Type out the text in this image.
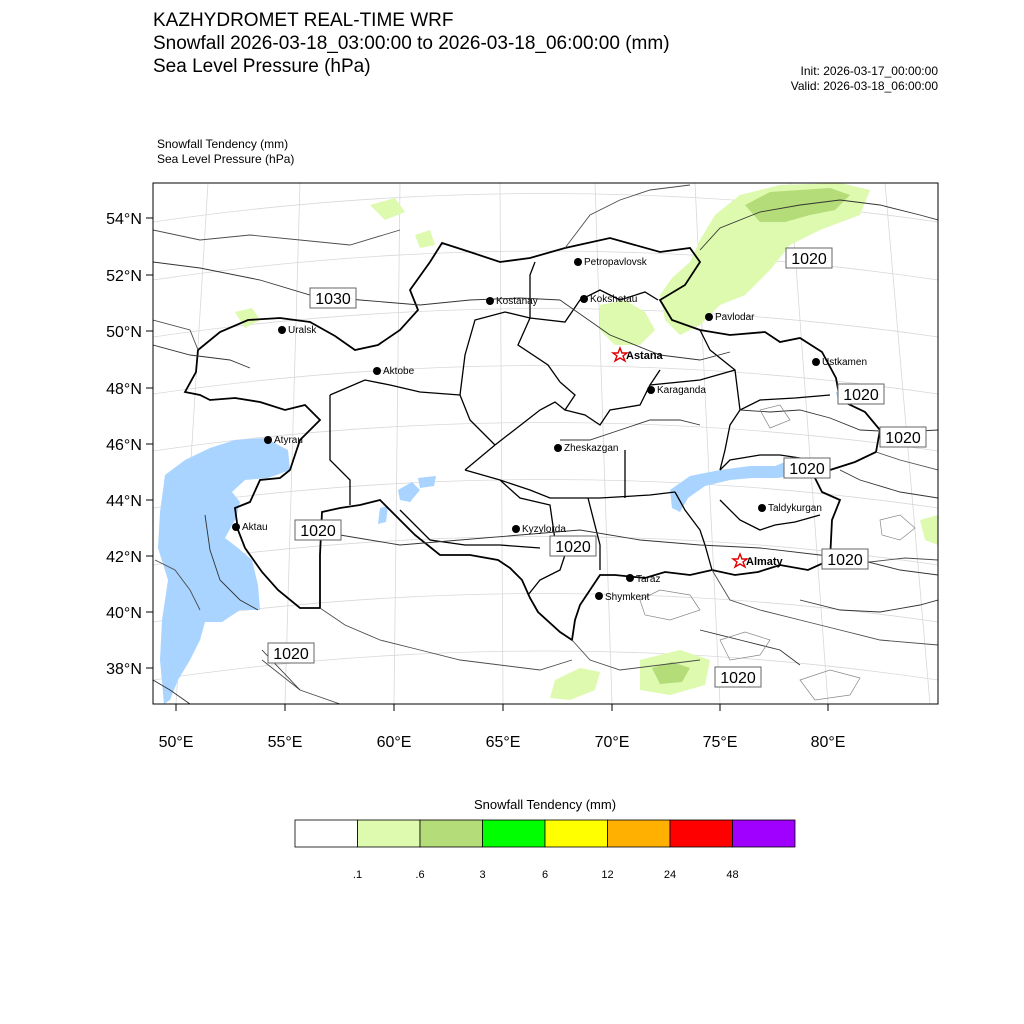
KAZHYDROMET REAL-TIME WRF
Snowfall 2026-03-18_03:00:00 to 2026-03-18_06:00:00 (mm)
Sea Level Pressure (hPa)	Init: 2026-03-17_00:00:00
Valid: 2026-03-18_06:00:00
Snowfall Tendency (mm)
Sea Level Pressure (hPa)
54°N
52°N
50°N
48°N
46°N
44°N
42°N
40°N
38°N
50°E	55°E	60°E	65°E	70°E	75°E	80°E
1030
1020
1020
1020
1020
1020
1020
1020
1020
1020
Petropavlovsk
Kostanay	Kokshetau
Pavlodar
Uralsk
Astana
Aktobe
Ustkamen
Karaganda
Atyrau
Zheskazgan
Taldykurgan
Aktau	Kyzylorda
Almaty
Taraz
Shymkent
Snowfall Tendency (mm)
.1	.6	3	6	12	24	48
